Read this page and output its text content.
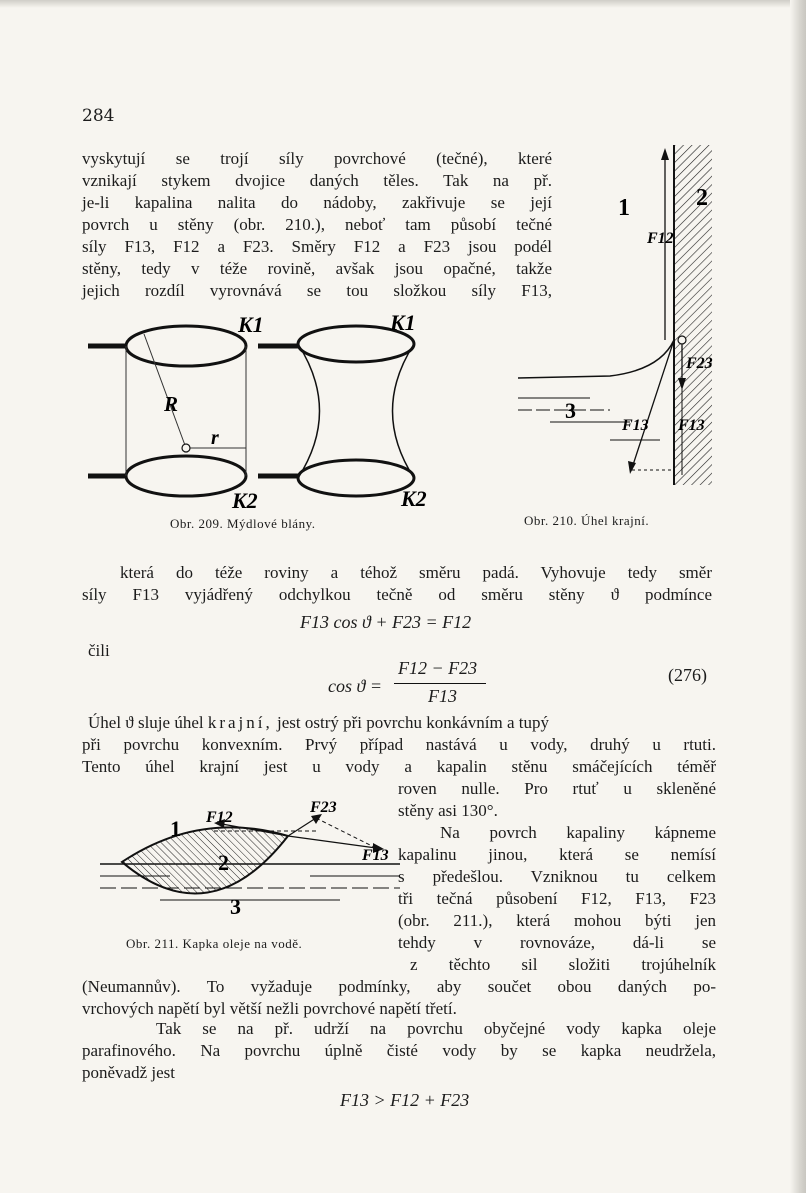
284
vyskytují se trojí síly povrchové (tečné), které
vznikají stykem dvojice daných těles. Tak na př.
je-li kapalina nalita do nádoby, zakřivuje se její
povrch u stěny (obr. 210.), neboť tam působí tečné
síly F13, F12 a F23. Směry F12 a F23 jsou podél
stěny, tedy v téže rovině, avšak jsou opačné, takže
jejich rozdíl vyrovnává se tou složkou síly F13,
K1
R
r
K2
K1
K2
Obr. 209. Mýdlové blány.
1	2
3
F12
F23
F13 F13
Obr. 210. Úhel krajní.
která do téže roviny a téhož směru padá. Vyhovuje tedy směr
síly F13 vyjádřený odchylkou tečně od směru stěny ϑ podmínce
F13 cos ϑ + F23 = F12
čili
cos ϑ =
F12 − F23
F13
(276)
Úhel ϑ slujе úhel krajní, jest ostrý při povrchu konkávním a tupý
při povrchu konvexním. Prvý případ nastává u vody, druhý u rtuti.
Tento úhel krajní jest u vody a kapalin stěnu smáčejících téměř
roven nulle. Pro rtuť u skleněné
stěny asi 130°.
Na povrch kapaliny kápneme
kapalinu jinou, která se nemísí
s předešlou. Vzniknou tu celkem
tři tečná působení F12, F13, F23
(obr. 211.), která mohou býti jen
tehdy v rovnováze, dá-li se
z těchto sil složiti trojúhelník
(Neumannův). To vyžaduje podmínky, aby součet obou daných po-
vrchových napětí byl větší nežli povrchové napětí třetí.
1
2
3
F12
F23
F13
Obr. 211. Kapka oleje na vodě.
Tak se na př. udrží na povrchu obyčejné vody kapka oleje
parafinového. Na povrchu úplně čisté vody by se kapka neudržela,
poněvadž jest
F13 > F12 + F23
